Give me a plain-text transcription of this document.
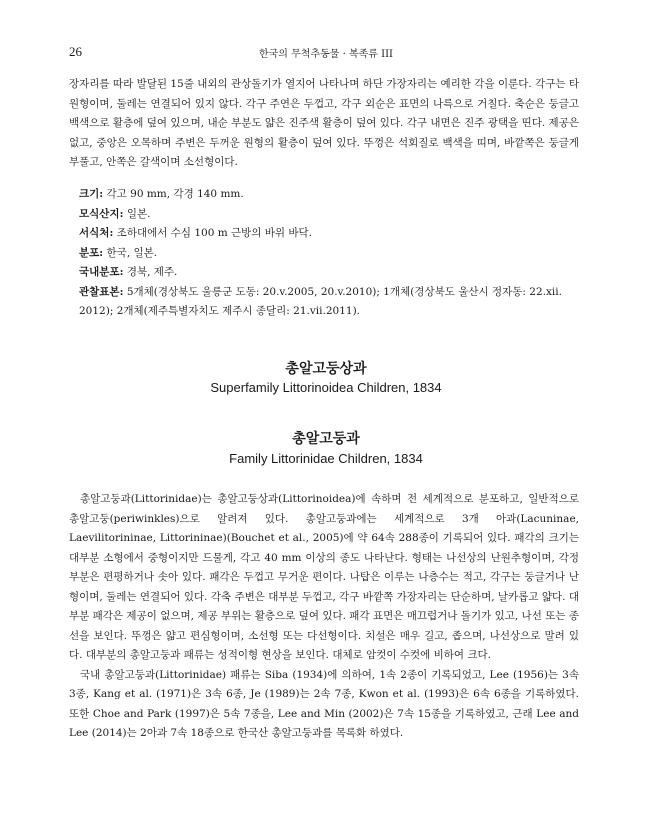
26	한국의 무척추동물 · 복족류 III

장자리를 따라 발달된 15줄 내외의 관상돌기가 열지어 나타나며 하단 가장자리는 예리한 각을 이룬다. 각구는 타원형이며, 둘레는 연결되어 있지 않다. 각구 주연은 두껍고, 각구 외순은 표면의 나륵으로 거칠다. 축순은 둥글고 백색으로 활층에 덮여 있으며, 내순 부분도 얇은 진주색 활층이 덮여 있다. 각구 내면은 진주 광택을 띤다. 제공은 없고, 중앙은 오목하며 주변은 두꺼운 원형의 활층이 덮여 있다. 뚜껑은 석회질로 백색을 띠며, 바깥쪽은 둥글게 부풀고, 안쪽은 갈색이며 소선형이다.

크기: 각고 90 mm, 각경 140 mm.
모식산지: 일본.
서식처: 조하대에서 수심 100 m 근방의 바위 바닥.
분포: 한국, 일본.
국내분포: 경북, 제주.
관찰표본: 5개체(경상북도 울릉군 도동: 20.v.2005, 20.v.2010); 1개체(경상북도 울산시 정자동: 22.xii. 2012); 2개체(제주특별자치도 제주시 종달리: 21.vii.2011).
총알고둥상과
Superfamily Littorinoidea Children, 1834
총알고둥과
Family Littorinidae Children, 1834

총알고둥과(Littorinidae)는 총알고둥상과(Littorinoidea)에 속하며 전 세계적으로 분포하고, 일반적으로 총알고둥(periwinkles)으로 알려져 있다. 총알고둥과에는 세계적으로 3개 아과(Lacuninae, Laevilitorininae, Littorininae)(Bouchet et al., 2005)에 약 64속 288종이 기록되어 있다. 패각의 크기는 대부분 소형에서 중형이지만 드물게, 각고 40 mm 이상의 종도 나타난다. 형태는 나선상의 난원추형이며, 각정 부분은 편평하거나 솟아 있다. 패각은 두껍고 무거운 편이다. 나탑은 이루는 나층수는 적고, 각구는 둥글거나 난형이며, 둘레는 연결되어 있다. 각축 주변은 대부분 두껍고, 각구 바깥쪽 가장자리는 단순하며, 날카롭고 얇다. 대부분 패각은 제공이 없으며, 제공 부위는 활층으로 덮여 있다. 패각 표면은 매끄럽거나 돌기가 있고, 나선 또는 종선을 보인다. 뚜껑은 얇고 편심형이며, 소선형 또는 다선형이다. 치설은 매우 길고, 좁으며, 나선상으로 말려 있다. 대부분의 총알고둥과 패류는 성적이형 현상을 보인다. 대체로 암컷이 수컷에 비하여 크다.

국내 총알고둥과(Littorinidae) 패류는 Siba (1934)에 의하여, 1속 2종이 기록되었고, Lee (1956)는 3속 3종, Kang et al. (1971)은 3속 6종, Je (1989)는 2속 7종, Kwon et al. (1993)은 6속 6종을 기록하였다. 또한 Choe and Park (1997)은 5속 7종을, Lee and Min (2002)은 7속 15종을 기록하였고, 근래 Lee and Lee (2014)는 2아과 7속 18종으로 한국산 총알고둥과를 목록화 하였다.
